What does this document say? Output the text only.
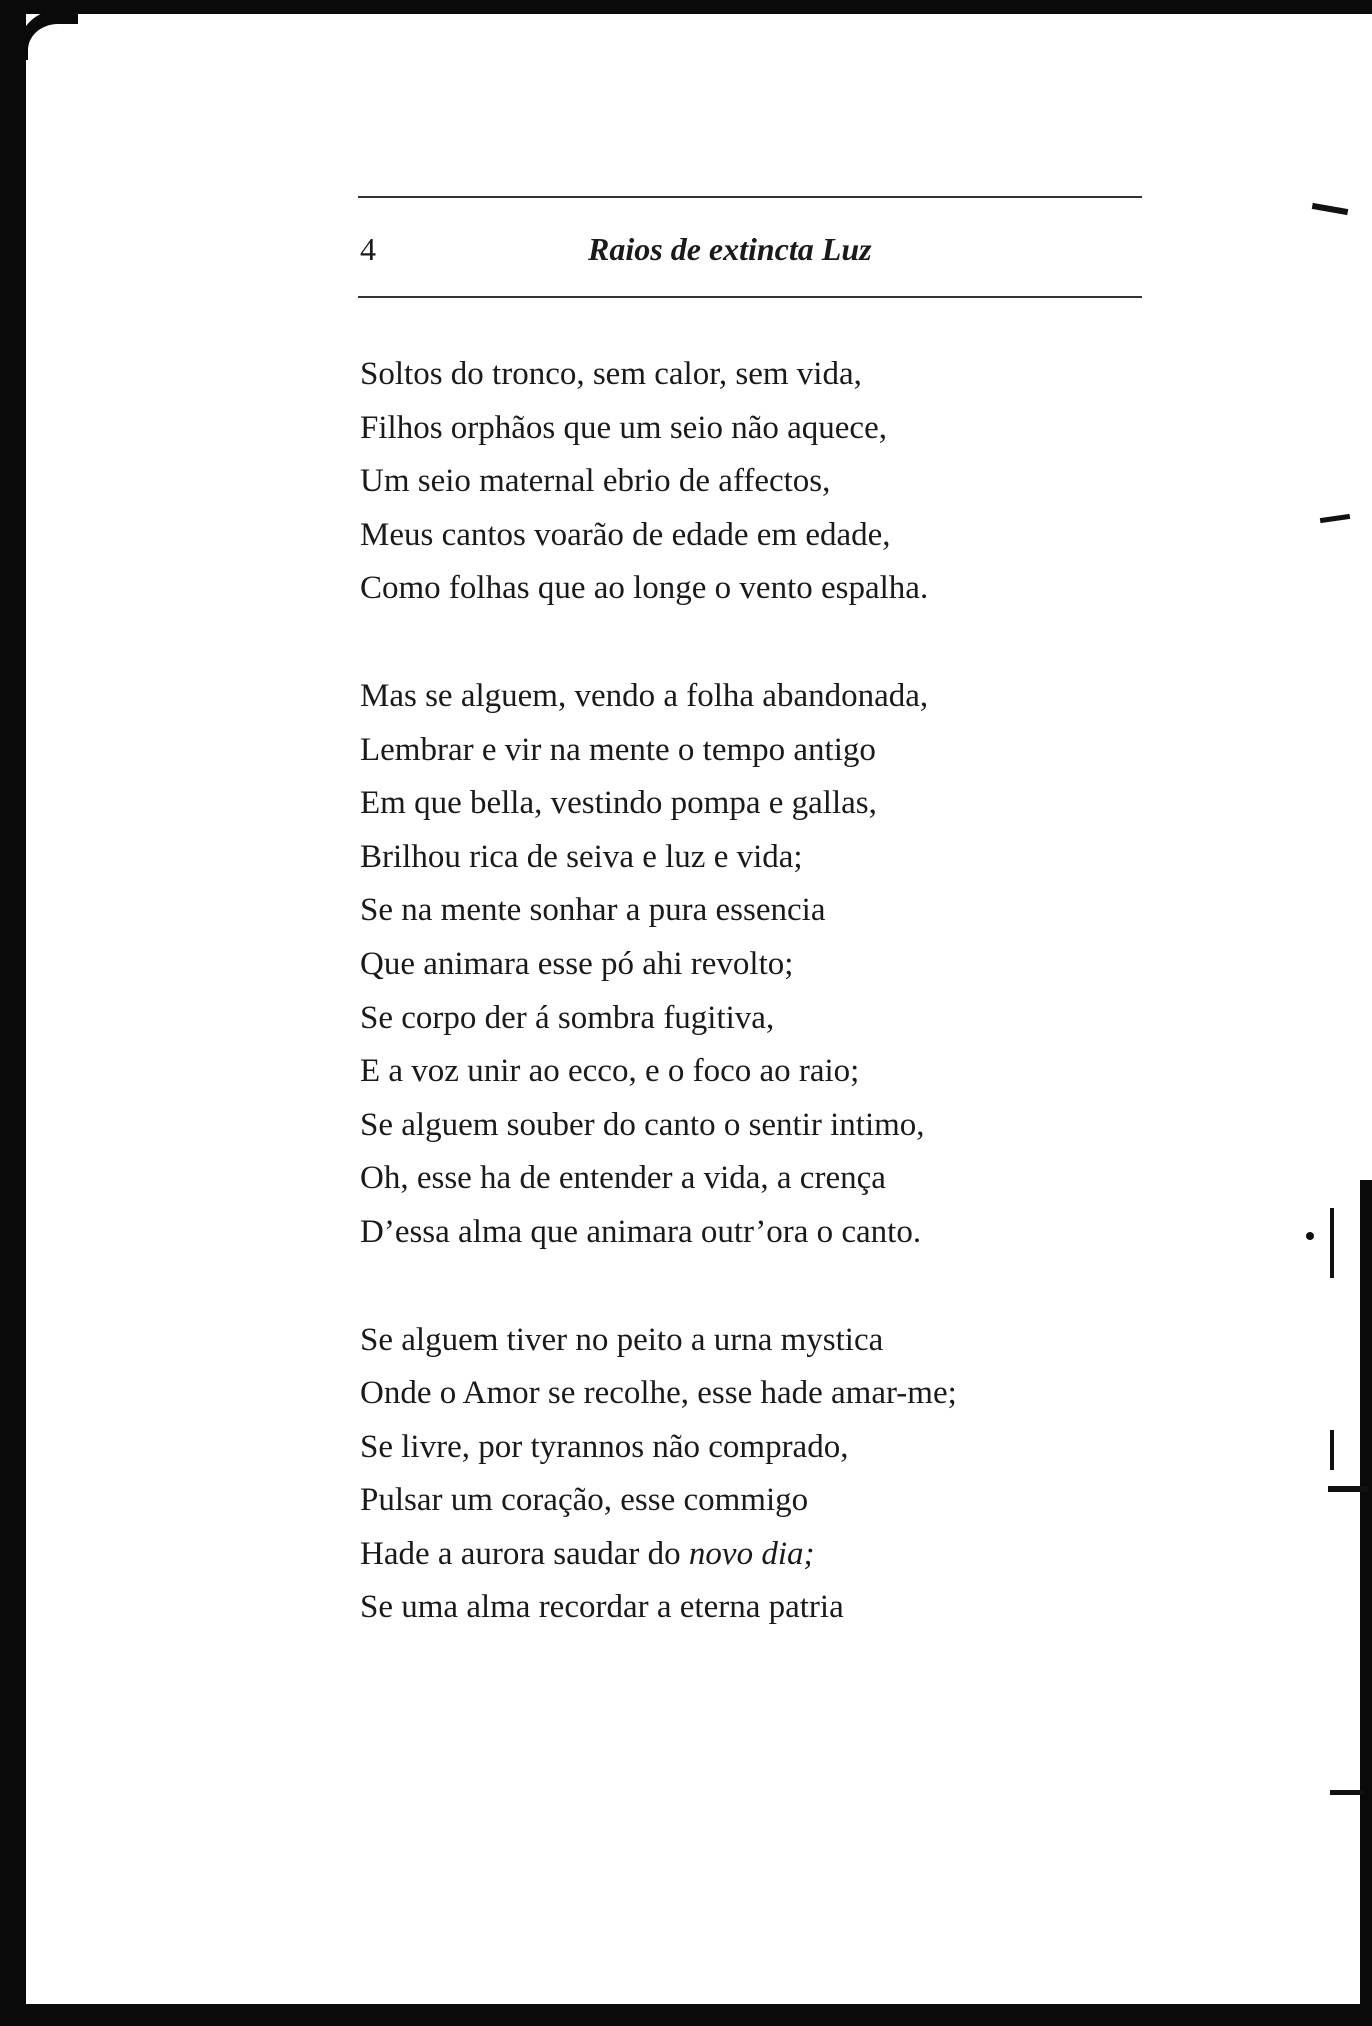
4	Raios de extincta Luz
Soltos do tronco, sem calor, sem vida,
Filhos orphãos que um seio não aquece,
Um seio maternal ebrio de affectos,
Meus cantos voarão de edade em edade,
Como folhas que ao longe o vento espalha.
Mas se alguem, vendo a folha abandonada,
Lembrar e vir na mente o tempo antigo
Em que bella, vestindo pompa e gallas,
Brilhou rica de seiva e luz e vida;
Se na mente sonhar a pura essencia
Que animara esse pó ahi revolto;
Se corpo der á sombra fugitiva,
E a voz unir ao ecco, e o foco ao raio;
Se alguem souber do canto o sentir intimo,
Oh, esse ha de entender a vida, a crença
D’essa alma que animara outr’ora o canto.
Se alguem tiver no peito a urna mystica
Onde o Amor se recolhe, esse hade amar-me;
Se livre, por tyrannos não comprado,
Pulsar um coração, esse commigo
Hade a aurora saudar do novo dia;
Se uma alma recordar a eterna patria
